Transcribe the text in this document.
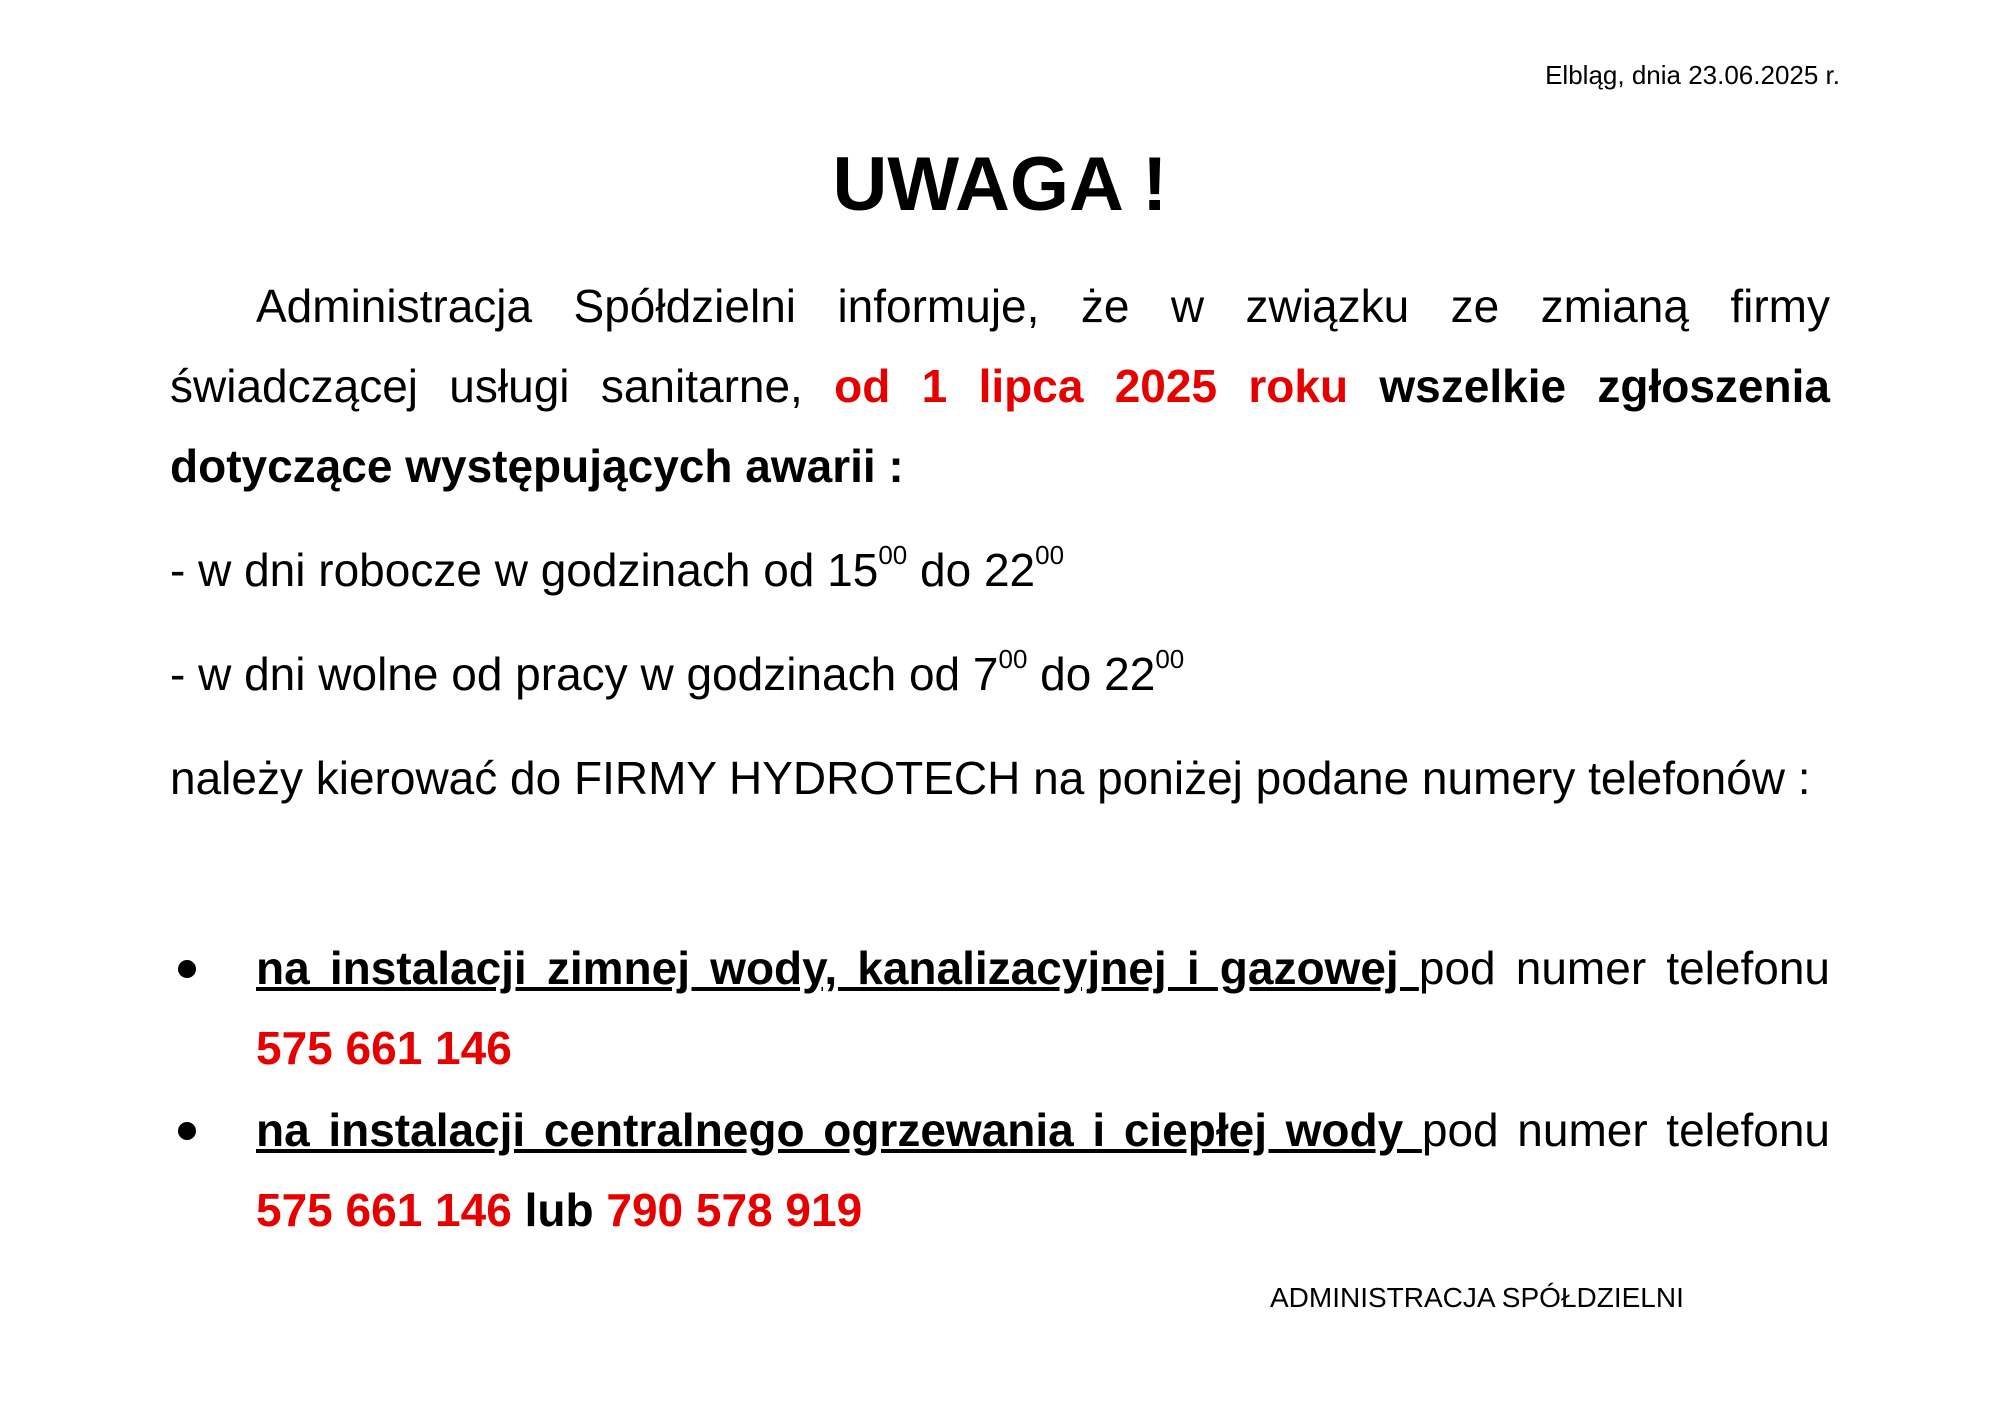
Elbląg, dnia 23.06.2025 r.
UWAGA !
Administracja Spółdzielni informuje, że w związku ze zmianą firmy świadczącej usługi sanitarne, od 1 lipca 2025 roku wszelkie zgłoszenia dotyczące występujących awarii :
- w dni robocze w godzinach od $15^{00}$ do $22^{00}$
- w dni wolne od pracy w godzinach od $7^{00}$ do $22^{00}$
należy kierować do FIRMY HYDROTECH na poniżej podane numery telefonów :
na instalacji zimnej wody, kanalizacyjnej i gazowej pod numer telefonu 575 661 146
na instalacji centralnego ogrzewania i ciepłej wody pod numer telefonu 575 661 146 lub 790 578 919
ADMINISTRACJA SPÓŁDZIELNI
